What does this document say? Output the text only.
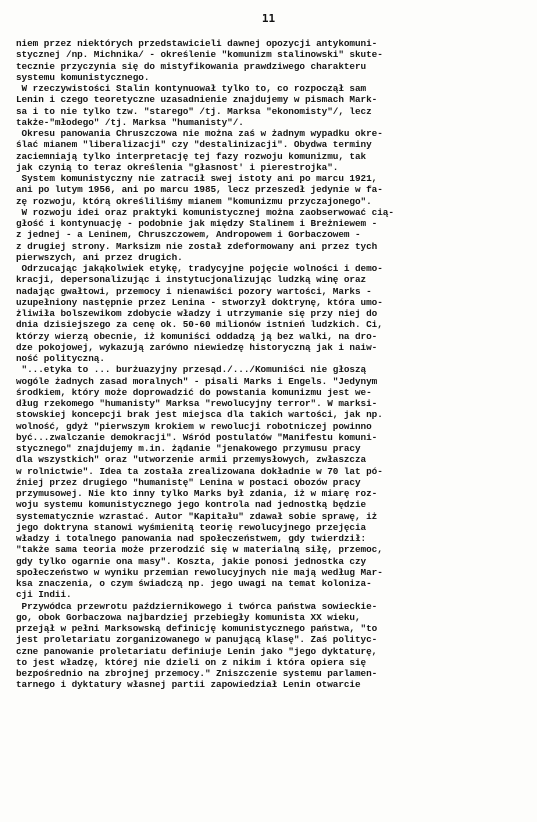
11
niem przez niektórych przedstawicieli dawnej opozycji antykomuni-
stycznej /np. Michnika/ - określenie "komunizm stalinowski" skute-
tecznie przyczynia się do mistyfikowania prawdziwego charakteru
systemu komunistycznego.
W rzeczywistości Stalin kontynuował tylko to, co rozpoczął sam
Lenin i czego teoretyczne uzasadnienie znajdujemy w pismach Mark-
sa i to nie tylko tzw. "starego" /tj. Marksa "ekonomisty"/, lecz
także-"młodego" /tj. Marksa "humanisty"/.
Okresu panowania Chruszczowa nie można zaś w żadnym wypadku okre-
ślać mianem "liberalizacji" czy "destalinizacji". Obydwa terminy
zaciemniają tylko interpretację tej fazy rozwoju komunizmu, tak
jak czynią to teraz określenia "głasnost' i pierestrojka".
System komunistyczny nie zatracił swej istoty ani po marcu 1921,
ani po lutym 1956, ani po marcu 1985, lecz przeszedł jedynie w fa-
zę rozwoju, którą określiliśmy mianem "komunizmu przyczajonego".
W rozwoju idei oraz praktyki komunistycznej można zaobserwować cią-
głość i kontynuację - podobnie jak między Stalinem i Breżniewem -
z jednej - a Leninem, Chruszczowem, Andropowem i Gorbaczowem -
z drugiej strony. Marksizm nie został zdeformowany ani przez tych
pierwszych, ani przez drugich.
Odrzucając jakąkolwiek etykę, tradycyjne pojęcie wolności i demo-
kracji, depersonalizując i instytucjonalizując ludzką winę oraz
nadając gwałtowi, przemocy i nienawiści pozory wartości, Marks -
uzupełniony następnie przez Lenina - stworzył doktrynę, która umo-
żliwiła bolszewikom zdobycie władzy i utrzymanie się przy niej do
dnia dzisiejszego za cenę ok. 50-60 milionów istnień ludzkich. Ci,
którzy wierzą obecnie, iż komuniści oddadzą ją bez walki, na dro-
dze pokojowej, wykazują zarówno niewiedzę historyczną jak i naiw-
ność polityczną.
"...etyka to ... burżuazyjny przesąd./.../Komuniści nie głoszą
wogóle żadnych zasad moralnych" - pisali Marks i Engels. "Jedynym
środkiem, który może doprowadzić do powstania komunizmu jest we-
dług rzekomego "humanisty" Marksa "rewolucyjny terror". W marksi-
stowskiej koncepcji brak jest miejsca dla takich wartości, jak np.
wolność, gdyż "pierwszym krokiem w rewolucji robotniczej powinno
być...zwalczanie demokracji". Wśród postulatów "Manifestu komuni-
stycznego" znajdujemy m.in. żądanie "jenakowego przymusu pracy
dla wszystkich" oraz "utworzenie armii przemysłowych, zwłaszcza
w rolnictwie". Idea ta została zrealizowana dokładnie w 70 lat pó-
źniej przez drugiego "humanistę" Lenina w postaci obozów pracy
przymusowej. Nie kto inny tylko Marks był zdania, iż w miarę roz-
woju systemu komunistycznego jego kontrola nad jednostką będzie
systematycznie wzrastać. Autor "Kapitału" zdawał sobie sprawę, iż
jego doktryna stanowi wyśmienitą teorię rewolucyjnego przejęcia
władzy i totalnego panowania nad społeczeństwem, gdy twierdził:
"także sama teoria może przerodzić się w materialną siłę, przemoc,
gdy tylko ogarnie ona masy". Koszta, jakie ponosi jednostka czy
społeczeństwo w wyniku przemian rewolucyjnych nie mają według Mar-
ksa znaczenia, o czym świadczą np. jego uwagi na temat kolonizа-
cji Indii.
Przywódca przewrotu październikowego i twórca państwa sowieckie-
go, obok Gorbaczowa najbardziej przebiegły komunista XX wieku,
przejął w pełni Marksowską definicję komunistycznego państwa, "to
jest proletariatu zorganizowanego w panującą klasę". Zaś polityc-
czne panowanie proletariatu definiuje Lenin jako "jego dyktaturę,
to jest władzę, której nie dzieli on z nikim i która opiera się
bezpośrednio na zbrojnej przemocy." Zniszczenie systemu parlamen-
tarnego i dyktatury własnej partii zapowiedział Lenin otwarcie
